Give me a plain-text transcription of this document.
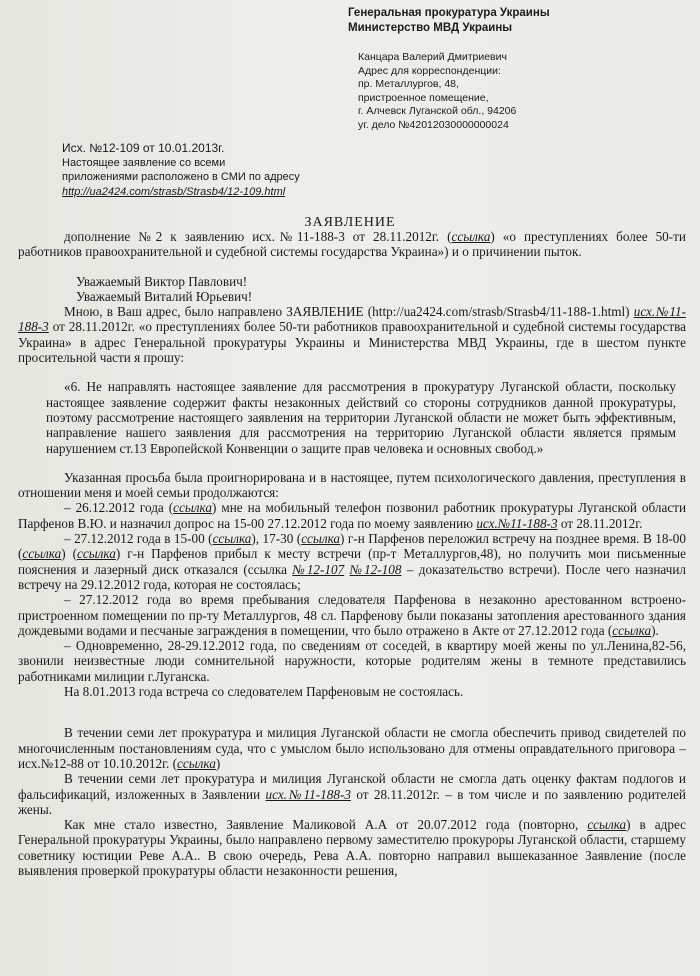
Генеральная прокуратура Украины
Министерство МВД Украины
Канцара Валерий Дмитриевич
Адрес для корреспонденции:
пр. Металлургов, 48,
пристроенное помещение,
г. Алчевск Луганской обл., 94206
уг. дело №42012030000000024
Исх. №12-109 от 10.01.2013г.
Настоящее заявление со всеми
приложениями расположено в СМИ по адресу
http://ua2424.com/strasb/Strasb4/12-109.html
ЗАЯВЛЕНИЕ

дополнение №2 к заявлению исх.№11-188-3 от 28.11.2012г. (ссылка) «о преступлениях более 50-ти работников правоохранительной и судебной системы государства Украина») и о причинении пыток.

Уважаемый Виктор Павлович!

Уважаемый Виталий Юрьевич!

Мною, в Ваш адрес, было направлено ЗАЯВЛЕНИЕ (http://ua2424.com/strasb/Strasb4/11-188-1.html) исх.№11-188-3 от 28.11.2012г. «о преступлениях более 50-ти работников правоохранительной и судебной системы государства Украина» в адрес Генеральной прокуратуры Украины и Министерства МВД Украины, где в шестом пункте просительной части я прошу:

«6. Не направлять настоящее заявление для рассмотрения в прокуратуру Луганской области, поскольку настоящее заявление содержит факты незаконных действий со стороны сотрудников данной прокуратуры, поэтому рассмотрение настоящего заявления на территории Луганской области не может быть эффективным, направление нашего заявления для рассмотрения на территорию Луганской области является прямым нарушением ст.13 Европейской Конвенции о защите прав человека и основных свобод.»

Указанная просьба была проигнорирована и в настоящее, путем психологического давления, преступления в отношении меня и моей семьи продолжаются:

– 26.12.2012 года (ссылка) мне на мобильный телефон позвонил работник прокуратуры Луганской области Парфенов В.Ю. и назначил допрос на 15-00 27.12.2012 года по моему заявлению исх.№11-188-3 от 28.11.2012г.

– 27.12.2012 года в 15-00 (ссылка), 17-30 (ссылка) г-н Парфенов переложил встречу на позднее время. В 18-00 (ссылка) (ссылка) г-н Парфенов прибыл к месту встречи (пр-т Металлургов,48), но получить мои письменные пояснения и лазерный диск отказался (ссылка №12-107 №12-108 – доказательство встречи). После чего назначил встречу на 29.12.2012 года, которая не состоялась;

– 27.12.2012 года во время пребывания следователя Парфенова в незаконно арестованном встроено-пристроенном помещении по пр-ту Металлургов, 48 сл. Парфенову были показаны затопления арестованного здания дождевыми водами и песчаные заграждения в помещении, что было отражено в Акте от 27.12.2012 года (ссылка).

– Одновременно, 28-29.12.2012 года, по сведениям от соседей, в квартиру моей жены по ул.Ленина,82-56, звонили неизвестные люди сомнительной наружности, которые родителям жены в темноте представились работниками милиции г.Луганска.

На 8.01.2013 года встреча со следователем Парфеновым не состоялась.

В течении семи лет прокуратура и милиция Луганской области не смогла обеспечить привод свидетелей по многочисленным постановлениям суда, что с умыслом было использовано для отмены оправдательного приговора – исх.№12-88 от 10.10.2012г. (ссылка)

В течении семи лет прокуратура и милиция Луганской области не смогла дать оценку фактам подлогов и фальсификаций, изложенных в Заявлении исх.№11-188-3 от 28.11.2012г. – в том числе и по заявлению родителей жены.

Как мне стало известно, Заявление Маликовой А.А от 20.07.2012 года (повторно, ссылка) в адрес Генеральной прокуратуры Украины, было направлено первому заместителю прокуроры Луганской области, старшему советнику юстиции Реве А.А.. В свою очередь, Рева А.А. повторно направил вышеказанное Заявление (после выявления проверкой прокуратуры области незаконности решения,
